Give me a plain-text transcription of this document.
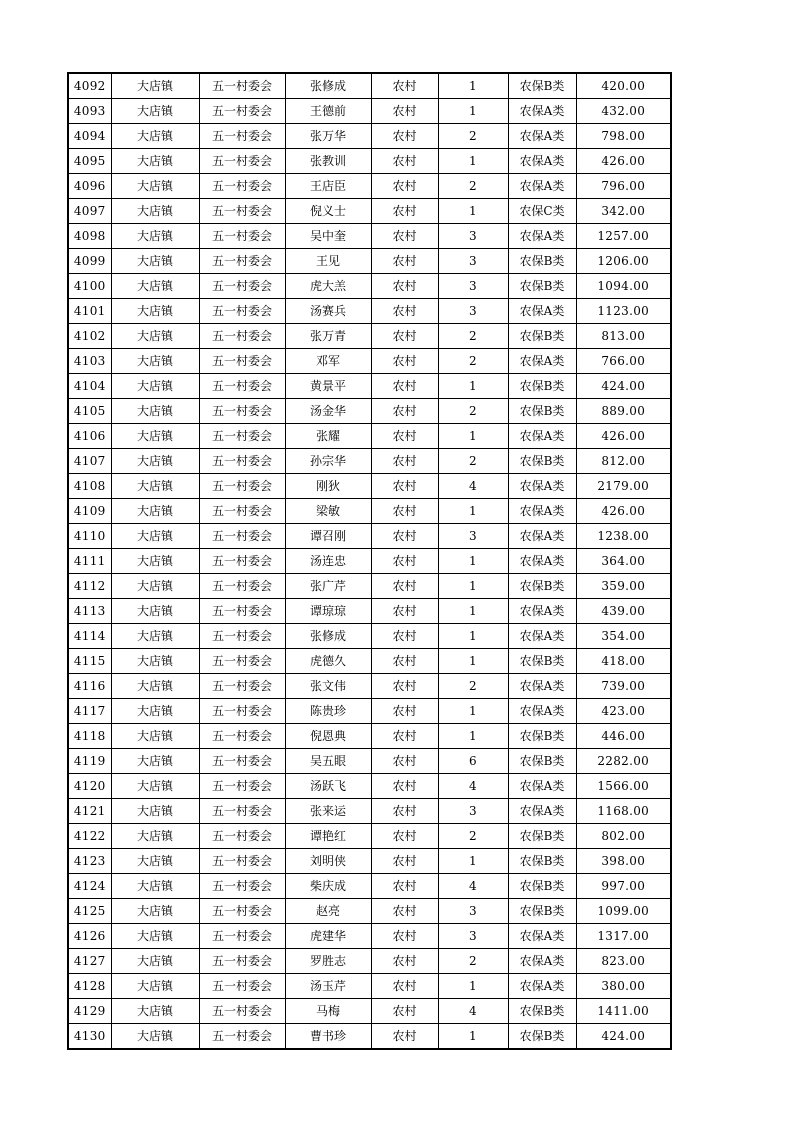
4092	大店镇	五一村委会	张修成	农村	1	农保B类	420.00
4093	大店镇	五一村委会	王德前	农村	1	农保A类	432.00
4094	大店镇	五一村委会	张万华	农村	2	农保A类	798.00
4095	大店镇	五一村委会	张教训	农村	1	农保A类	426.00
4096	大店镇	五一村委会	王店臣	农村	2	农保A类	796.00
4097	大店镇	五一村委会	倪义士	农村	1	农保C类	342.00
4098	大店镇	五一村委会	吴中奎	农村	3	农保A类	1257.00
4099	大店镇	五一村委会	王见	农村	3	农保B类	1206.00
4100	大店镇	五一村委会	虎大羔	农村	3	农保B类	1094.00
4101	大店镇	五一村委会	汤赛兵	农村	3	农保A类	1123.00
4102	大店镇	五一村委会	张万青	农村	2	农保B类	813.00
4103	大店镇	五一村委会	邓军	农村	2	农保A类	766.00
4104	大店镇	五一村委会	黄景平	农村	1	农保B类	424.00
4105	大店镇	五一村委会	汤金华	农村	2	农保B类	889.00
4106	大店镇	五一村委会	张耀	农村	1	农保A类	426.00
4107	大店镇	五一村委会	孙宗华	农村	2	农保B类	812.00
4108	大店镇	五一村委会	刚狄	农村	4	农保A类	2179.00
4109	大店镇	五一村委会	梁敏	农村	1	农保A类	426.00
4110	大店镇	五一村委会	谭召刚	农村	3	农保A类	1238.00
4111	大店镇	五一村委会	汤连忠	农村	1	农保A类	364.00
4112	大店镇	五一村委会	张广芹	农村	1	农保B类	359.00
4113	大店镇	五一村委会	谭琼琼	农村	1	农保A类	439.00
4114	大店镇	五一村委会	张修成	农村	1	农保A类	354.00
4115	大店镇	五一村委会	虎德久	农村	1	农保B类	418.00
4116	大店镇	五一村委会	张文伟	农村	2	农保A类	739.00
4117	大店镇	五一村委会	陈贵珍	农村	1	农保A类	423.00
4118	大店镇	五一村委会	倪恩典	农村	1	农保B类	446.00
4119	大店镇	五一村委会	吴五眼	农村	6	农保B类	2282.00
4120	大店镇	五一村委会	汤跃飞	农村	4	农保A类	1566.00
4121	大店镇	五一村委会	张来运	农村	3	农保A类	1168.00
4122	大店镇	五一村委会	谭艳红	农村	2	农保B类	802.00
4123	大店镇	五一村委会	刘明侠	农村	1	农保B类	398.00
4124	大店镇	五一村委会	柴庆成	农村	4	农保B类	997.00
4125	大店镇	五一村委会	赵亮	农村	3	农保B类	1099.00
4126	大店镇	五一村委会	虎建华	农村	3	农保A类	1317.00
4127	大店镇	五一村委会	罗胜志	农村	2	农保A类	823.00
4128	大店镇	五一村委会	汤玉芹	农村	1	农保A类	380.00
4129	大店镇	五一村委会	马梅	农村	4	农保B类	1411.00
4130	大店镇	五一村委会	曹书珍	农村	1	农保B类	424.00
